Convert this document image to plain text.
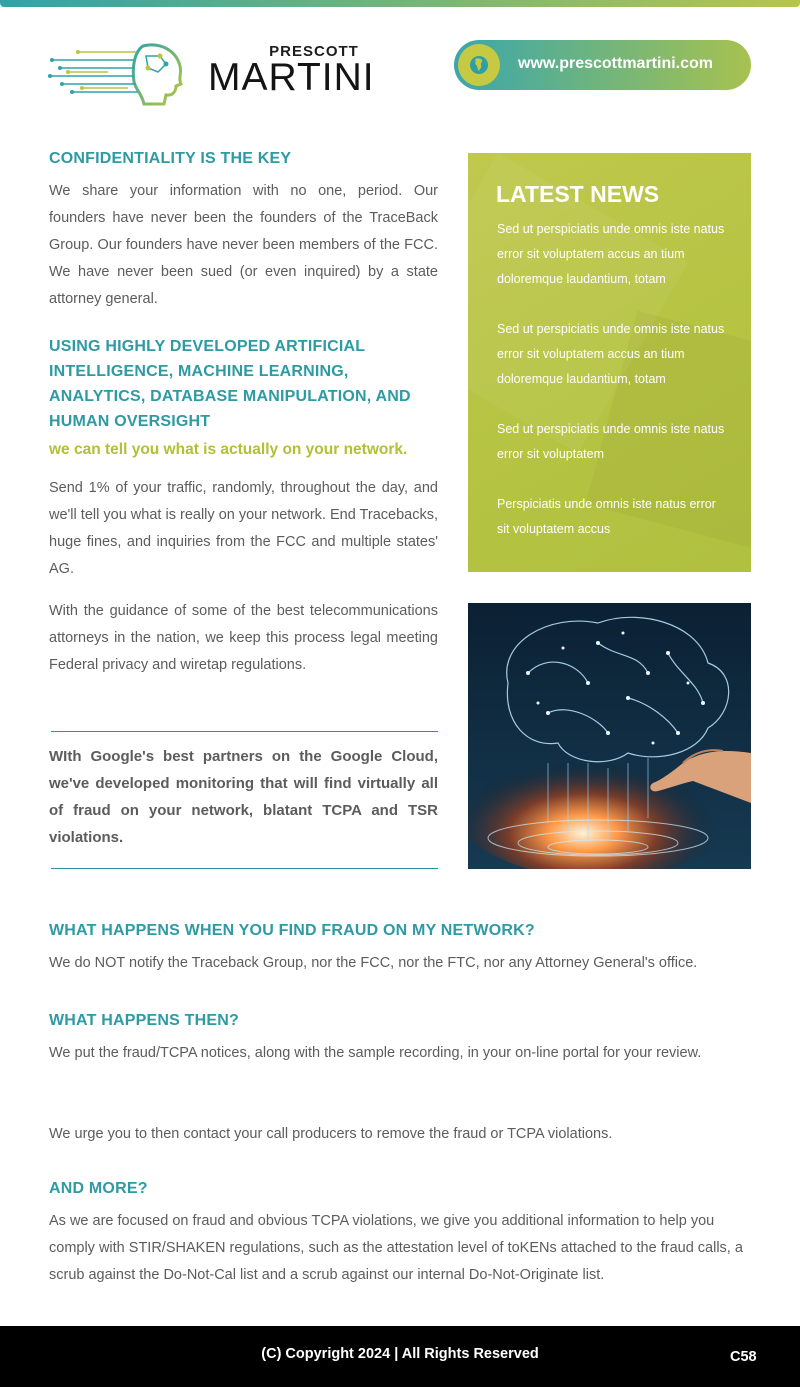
PRESCOTT
MARTINI	www.prescottmartini.com
CONFIDENTIALITY IS THE KEY

We share your information with no one, period. Our founders have never been the founders of the TraceBack Group. Our founders have never been members of the FCC. We have never been sued (or even inquired) by a state attorney general.

USING HIGHLY DEVELOPED ARTIFICIAL INTELLIGENCE, MACHINE LEARNING, ANALYTICS, DATABASE MANIPULATION, AND HUMAN OVERSIGHT
we can tell you what is actually on your network.

Send 1% of your traffic, randomly, throughout the day, and we'll tell you what is really on your network. End Tracebacks, huge fines, and inquiries from the FCC and multiple states' AG.

With the guidance of some of the best telecommunications attorneys in the nation, we keep this process legal meeting Federal privacy and wiretap regulations.

WIth Google's best partners on the Google Cloud, we've developed monitoring that will find virtually all of fraud on your network, blatant TCPA and TSR violations.

LATEST NEWS
Sed ut perspiciatis unde omnis iste natus error sit voluptatem accus an tium doloremque laudantium, totam
Sed ut perspiciatis unde omnis iste natus error sit voluptatem accus an tium doloremque laudantium, totam
Sed ut perspiciatis unde omnis iste natus error sit voluptatem
Perspiciatis unde omnis iste natus error sit voluptatem accus
WHAT HAPPENS WHEN YOU FIND FRAUD ON MY NETWORK?

We do NOT notify the Traceback Group, nor the FCC, nor the FTC, nor any Attorney General's office.

WHAT HAPPENS THEN?

We put the fraud/TCPA notices, along with the sample recording, in your on-line portal for your review.

We urge you to then contact your call producers to remove the fraud or TCPA violations.

AND MORE?

As we are focused on fraud and obvious TCPA violations, we give you additional information to help you comply with STIR/SHAKEN regulations, such as the attestation level of toKENs attached to the fraud calls, a scrub against the Do-Not-Cal list and a scrub against our internal Do-Not-Originate list.

(C) Copyright 2024 | All Rights Reserved	C58
